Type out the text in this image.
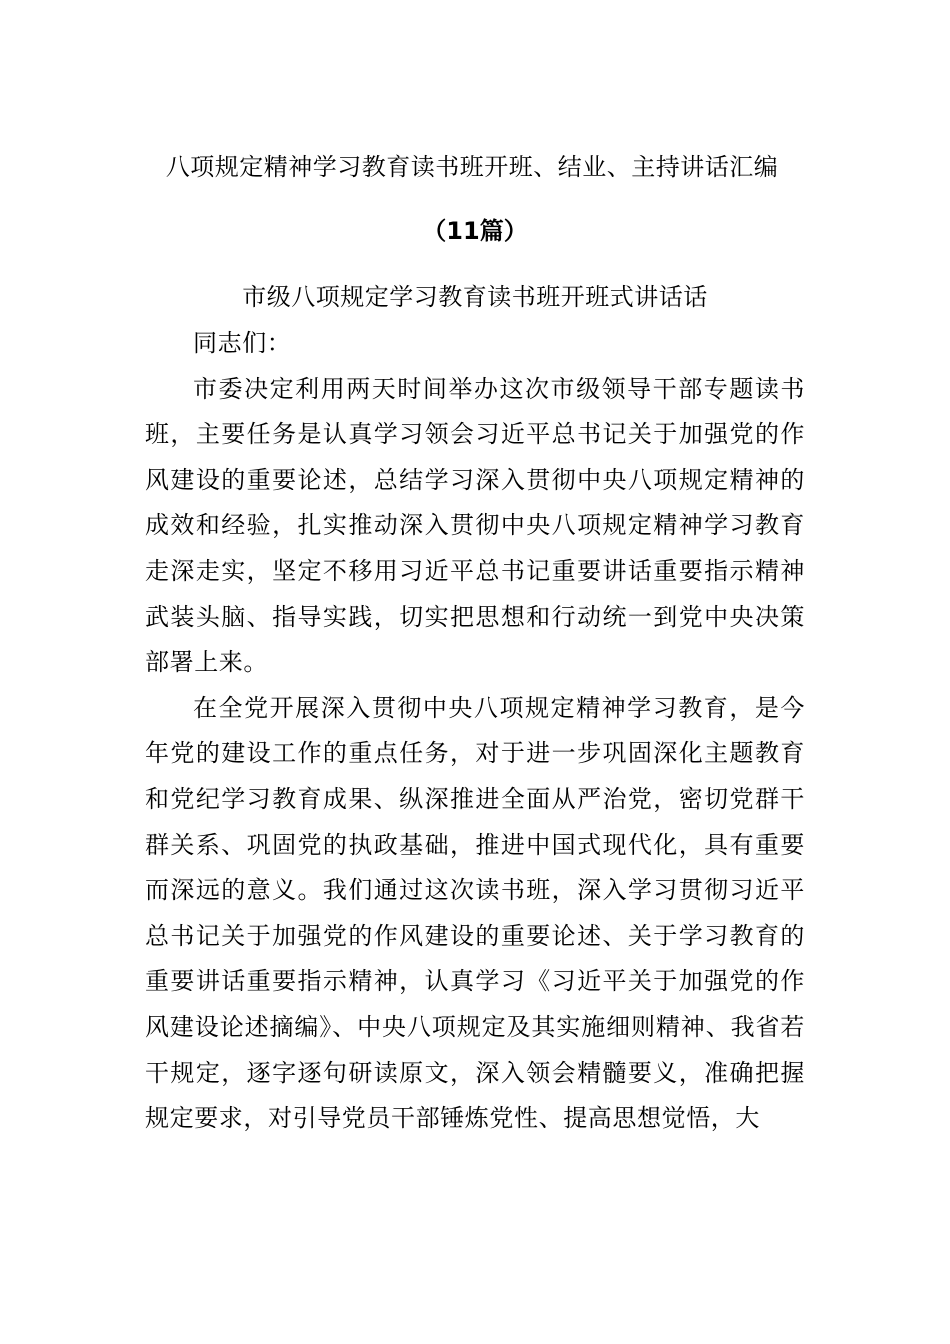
八项规定精神学习教育读书班开班、结业、主持讲话汇编
（11篇）
市级八项规定学习教育读书班开班式讲话话

同志们：

市委决定利用两天时间举办这次市级领导干部专题读书班，主要任务是认真学习领会习近平总书记关于加强党的作风建设的重要论述，总结学习深入贯彻中央八项规定精神的成效和经验，扎实推动深入贯彻中央八项规定精神学习教育走深走实，坚定不移用习近平总书记重要讲话重要指示精神武装头脑、指导实践，切实把思想和行动统一到党中央决策部署上来。

在全党开展深入贯彻中央八项规定精神学习教育，是今年党的建设工作的重点任务，对于进一步巩固深化主题教育和党纪学习教育成果、纵深推进全面从严治党，密切党群干群关系、巩固党的执政基础，推进中国式现代化，具有重要而深远的意义。我们通过这次读书班，深入学习贯彻习近平总书记关于加强党的作风建设的重要论述、关于学习教育的重要讲话重要指示精神，认真学习《习近平关于加强党的作风建设论述摘编》、中央八项规定及其实施细则精神、我省若干规定，逐字逐句研读原文，深入领会精髓要义，准确把握规定要求，对引导党员干部锤炼党性、提高思想觉悟，大
